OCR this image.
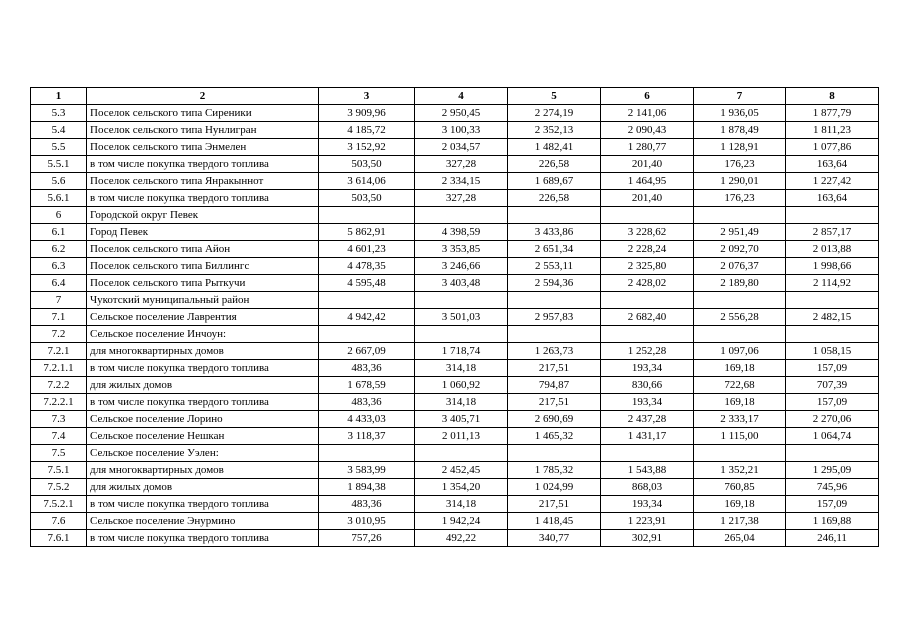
1	2	3	4	5	6	7	8
5.3	Поселок сельского типа Сиреники	3 909,96	2 950,45	2 274,19	2 141,06	1 936,05	1 877,79
5.4	Поселок сельского типа Нунлигран	4 185,72	3 100,33	2 352,13	2 090,43	1 878,49	1 811,23
5.5	Поселок сельского типа Энмелен	3 152,92	2 034,57	1 482,41	1 280,77	1 128,91	1 077,86
5.5.1	в том числе покупка твердого топлива	503,50	327,28	226,58	201,40	176,23	163,64
5.6	Поселок сельского типа Янракыннот	3 614,06	2 334,15	1 689,67	1 464,95	1 290,01	1 227,42
5.6.1	в том числе покупка твердого топлива	503,50	327,28	226,58	201,40	176,23	163,64
6	Городской округ Певек						
6.1	Город Певек	5 862,91	4 398,59	3 433,86	3 228,62	2 951,49	2 857,17
6.2	Поселок сельского типа Айон	4 601,23	3 353,85	2 651,34	2 228,24	2 092,70	2 013,88
6.3	Поселок сельского типа Биллингс	4 478,35	3 246,66	2 553,11	2 325,80	2 076,37	1 998,66
6.4	Поселок сельского типа Рыткучи	4 595,48	3 403,48	2 594,36	2 428,02	2 189,80	2 114,92
7	Чукотский муниципальный район						
7.1	Сельское поселение Лаврентия	4 942,42	3 501,03	2 957,83	2 682,40	2 556,28	2 482,15
7.2	Сельское поселение Инчоун:						
7.2.1	для многоквартирных домов	2 667,09	1 718,74	1 263,73	1 252,28	1 097,06	1 058,15
7.2.1.1	в том числе покупка твердого топлива	483,36	314,18	217,51	193,34	169,18	157,09
7.2.2	для жилых домов	1 678,59	1 060,92	794,87	830,66	722,68	707,39
7.2.2.1	в том числе покупка твердого топлива	483,36	314,18	217,51	193,34	169,18	157,09
7.3	Сельское поселение Лорино	4 433,03	3 405,71	2 690,69	2 437,28	2 333,17	2 270,06
7.4	Сельское поселение Нешкан	3 118,37	2 011,13	1 465,32	1 431,17	1 115,00	1 064,74
7.5	Сельское поселение Уэлен:						
7.5.1	для многоквартирных домов	3 583,99	2 452,45	1 785,32	1 543,88	1 352,21	1 295,09
7.5.2	для жилых домов	1 894,38	1 354,20	1 024,99	868,03	760,85	745,96
7.5.2.1	в том числе покупка твердого топлива	483,36	314,18	217,51	193,34	169,18	157,09
7.6	Сельское поселение Энурмино	3 010,95	1 942,24	1 418,45	1 223,91	1 217,38	1 169,88
7.6.1	в том числе покупка твердого топлива	757,26	492,22	340,77	302,91	265,04	246,11
